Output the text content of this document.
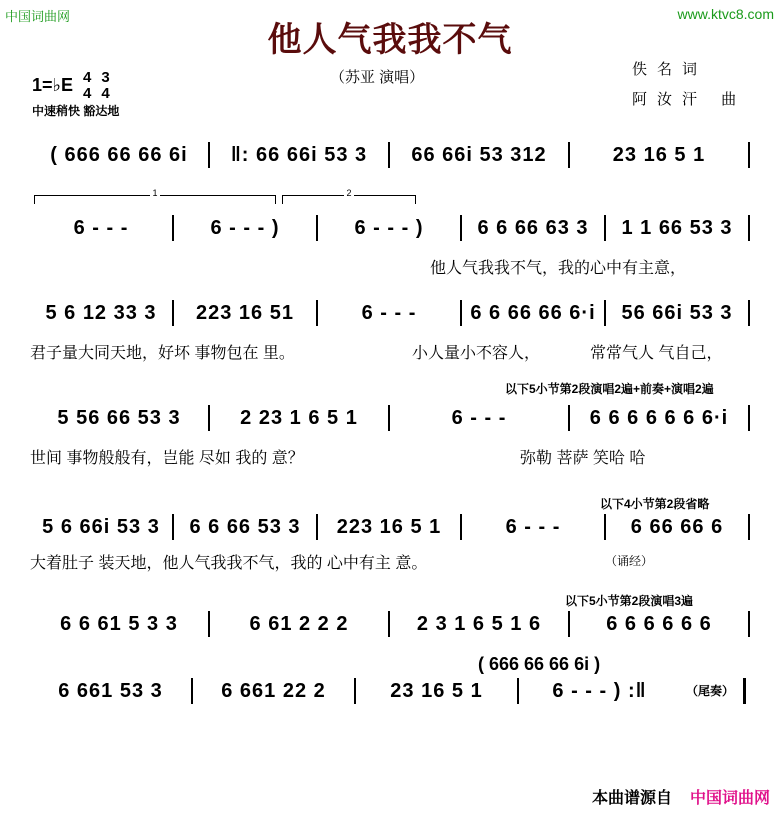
中国词曲网	www.ktvc8.com
他人气我我不气
（苏亚 演唱）	佚名词
阿汝汗 曲
1=♭E 4
4 3
4
中速稍快 豁达地
( 666 66 66 6i	‖: 66 66i 53 3	66 66i 53 312	23 16 5 1
1	2
6 - - -	6 - - - )	6 - - - )	6 6 66 63 3	1 1 66 53 3
他人气我我不气，我的心中有主意，
5 6 12 33 3	223 16 51	6 - - -	6 6 66 66 6·i	56 66i 53 3
君子量大同天地，好坏 事物包在 里。	小人量小不容人，	常常气人 气自己，
以下5小节第2段演唱2遍+前奏+演唱2遍
5 56 66 53 3	2 23 1 6 5 1	6 - - -	6 6 6 6 6 6 6·i
世间 事物般般有，岂能 尽如 我的 意？	弥勒 菩萨 笑哈 哈
以下4小节第2段省略
5 6 66i 53 3	6 6 66 53 3	223 16 5 1	6 - - -	6 66 66 6
大着肚子 装天地，他人气我我不气，我的 心中有主 意。	（诵经）
以下5小节第2段演唱3遍
6 6 61 5 3 3	6 61 2 2 2	2 3 1 6 5 1 6	6 6 6 6 6 6
( 666 66 66 6i )
6 661 53 3	6 661 22 2	23 16 5 1	6 - - - ) :‖	（尾奏）
本曲谱源自 中国词曲网
